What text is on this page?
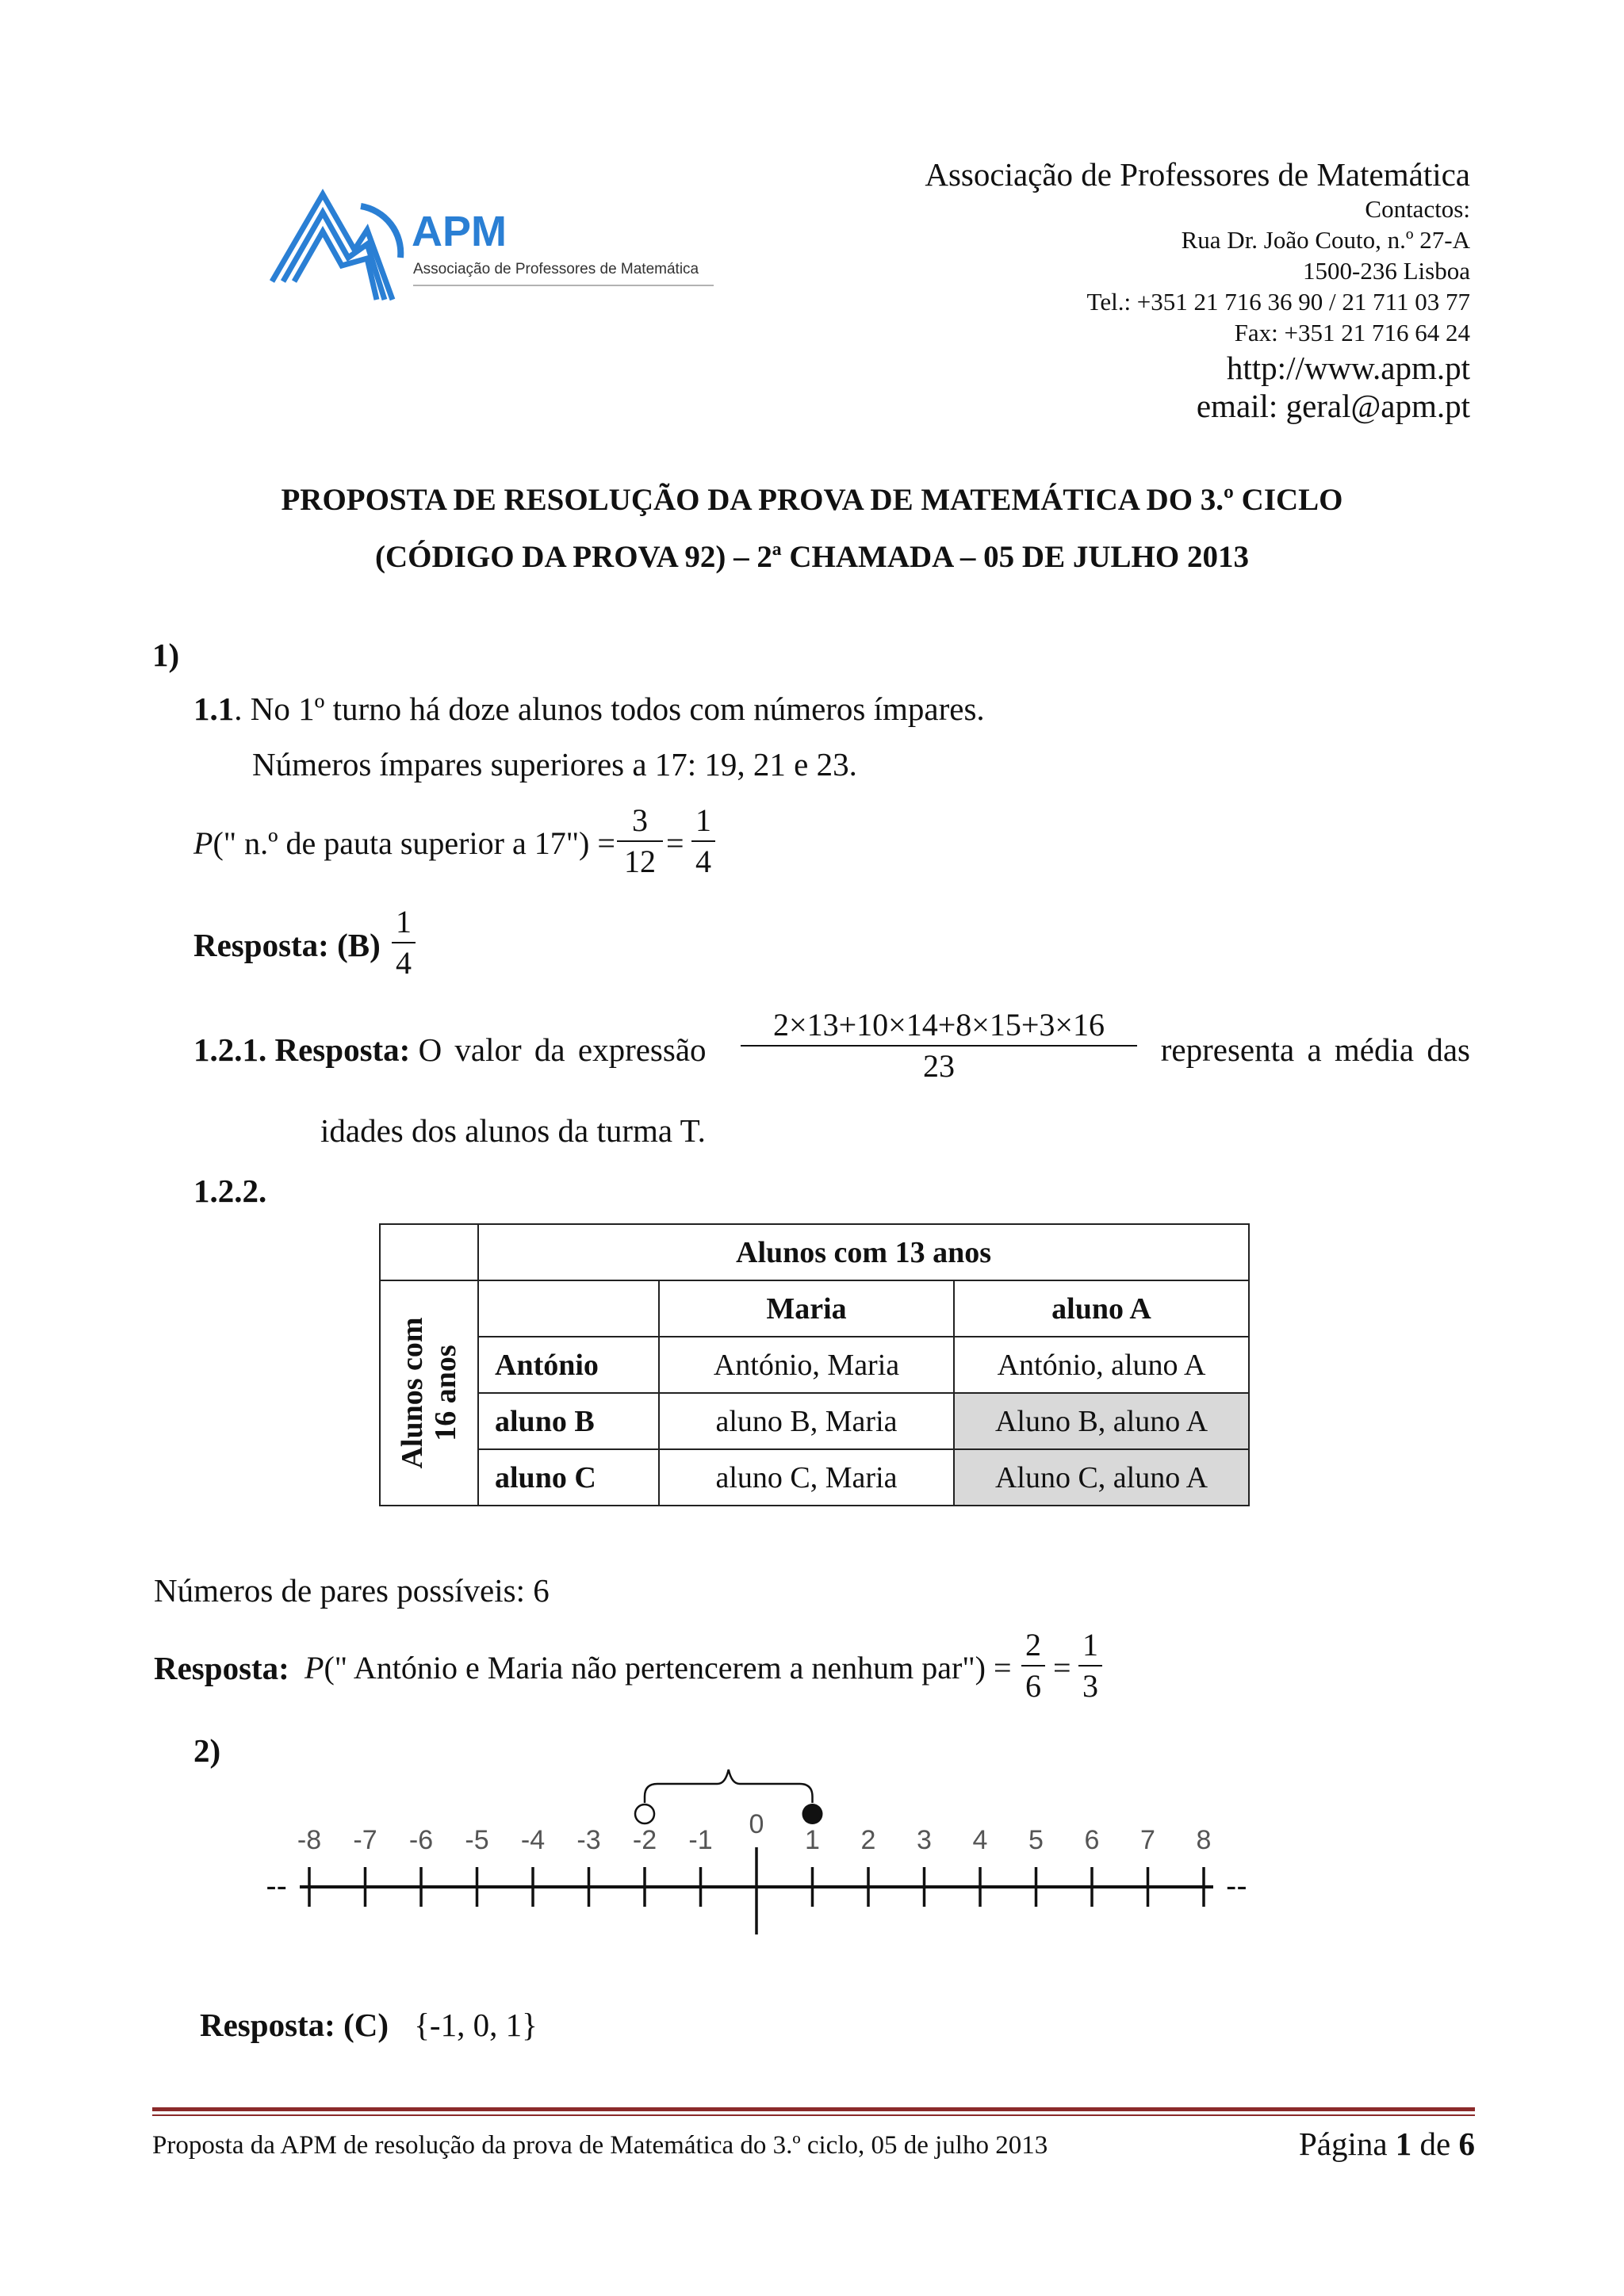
APM
Associação de Professores de Matemática
Associação de Professores de Matemática
Contactos:
Rua Dr. João Couto, n.º 27-A
1500-236 Lisboa
Tel.: +351 21 716 36 90 / 21 711 03 77
Fax: +351 21 716 64 24
http://www.apm.pt
email: geral@apm.pt
PROPOSTA DE RESOLUÇÃO DA PROVA DE MATEMÁTICA DO 3.º CICLO
(CÓDIGO DA PROVA 92) – 2ª CHAMADA – 05 DE JULHO 2013
1)
1.1. No 1º turno há doze alunos todos com números ímpares.
Números ímpares superiores a 17: 19, 21 e 23.
P(" n.º de pauta superior a 17") =
3
12
=
1
4
Resposta: (B)
1
4
1.2.1. Resposta: O valor da expressão
2×13+10×14+8×15+3×16
23	representa a média das
idades dos alunos da turma T.
1.2.2.
	Alunos com 13 anos		

Alunos com 16 anos		Maria	aluno A
	António	António, Maria	António, aluno A
	aluno B	aluno B, Maria	Aluno B, aluno A
	aluno C	aluno C, Maria	Aluno C, aluno A
Números de pares possíveis: 6
Resposta: P(" António e Maria não pertencerem a nenhum par") =
2
6
=
1
3
2)
--	--
-8 -7 -6 -5 -4 -3 -2 -1
0
1 2 3 4 5 6 7 8
Resposta: (C) {-1, 0, 1}
Proposta da APM de resolução da prova de Matemática do 3.º ciclo, 05 de julho 2013	Página 1 de 6
